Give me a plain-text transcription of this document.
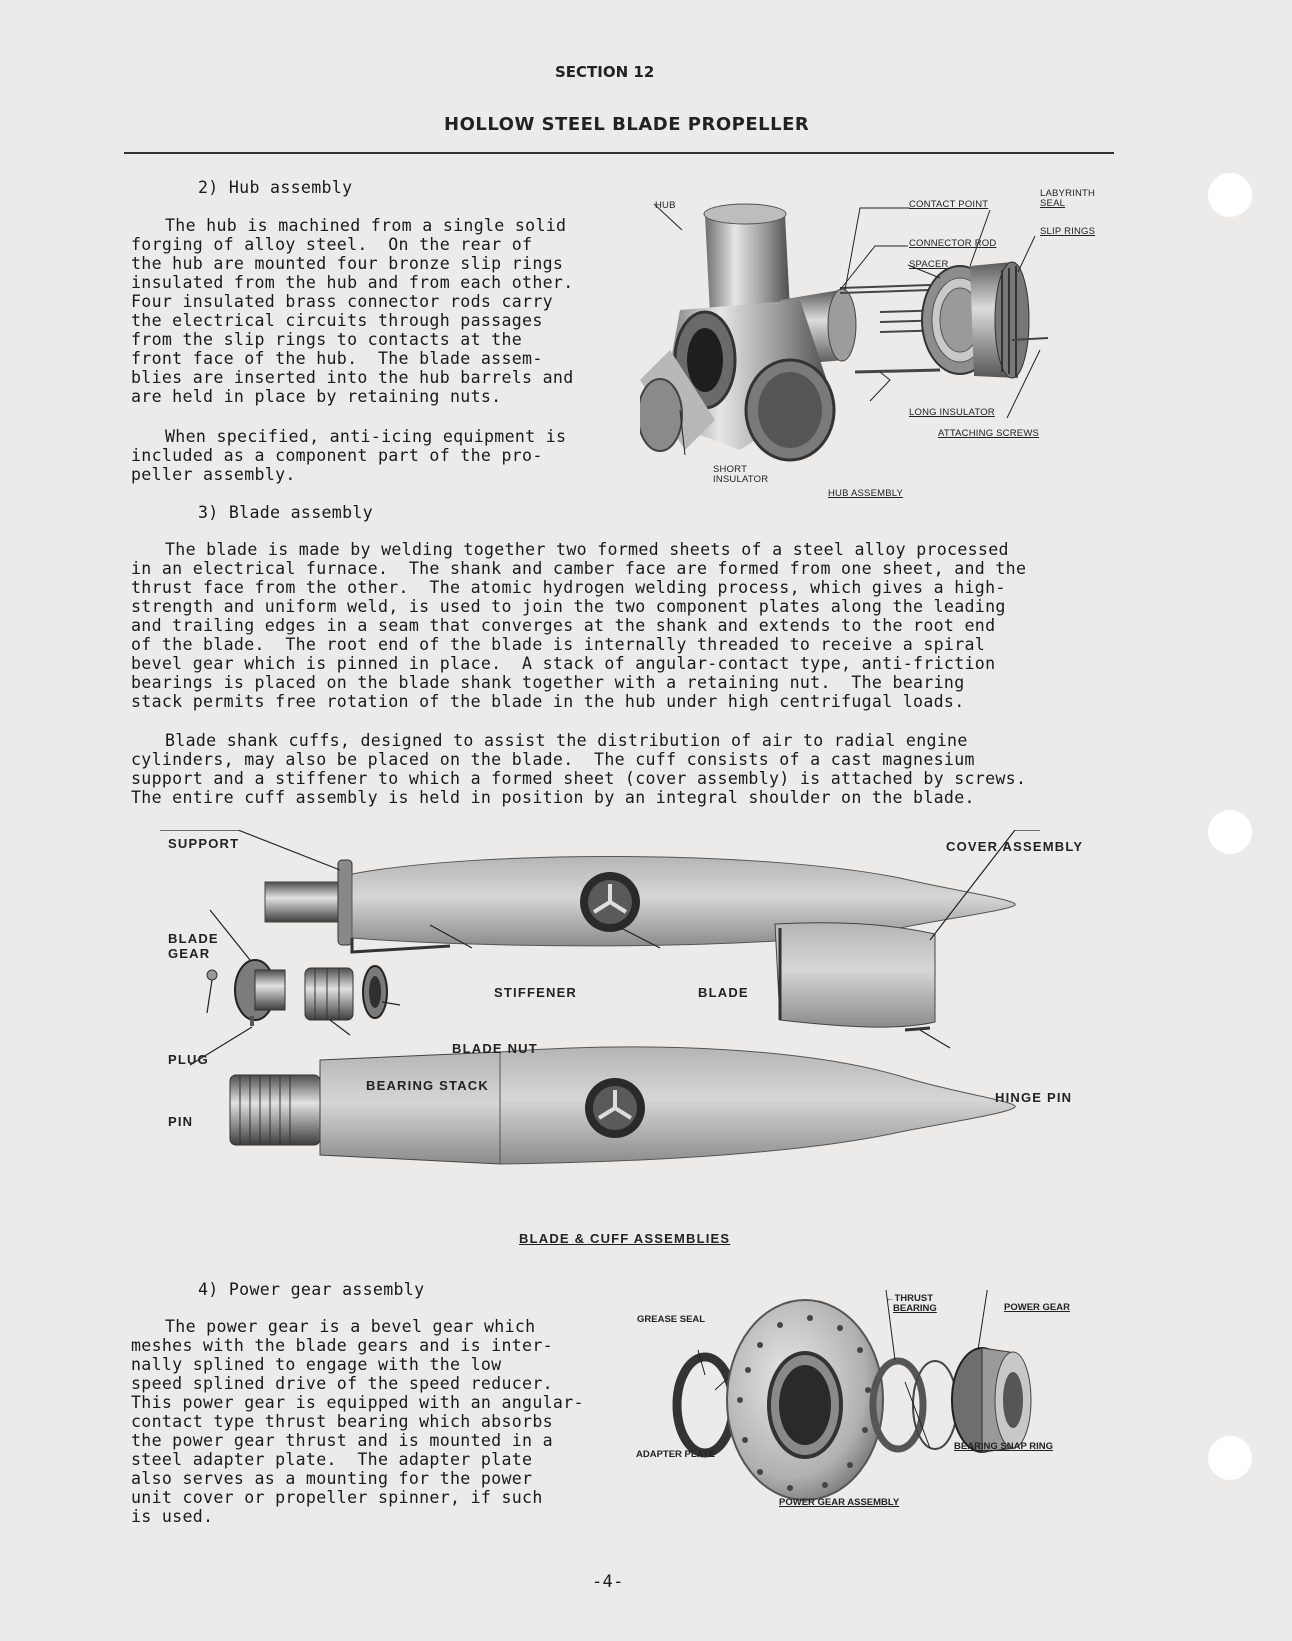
SECTION 12
HOLLOW STEEL BLADE PROPELLER
2) Hub assembly
The hub is machined from a single solid
forging of alloy steel.  On the rear of
the hub are mounted four bronze slip rings
insulated from the hub and from each other.
Four insulated brass connector rods carry
the electrical circuits through passages
from the slip rings to contacts at the
front face of the hub.  The blade assem-
blies are inserted into the hub barrels and
are held in place by retaining nuts.
When specified, anti-icing equipment is
included as a component part of the pro-
peller assembly.
HUB	CONTACT POINT
LABYRINTH
SEAL
SLIP RINGS
CONNECTOR ROD
SPACER
LONG INSULATOR
ATTACHING SCREWS
SHORT
INSULATOR
HUB ASSEMBLY
3) Blade assembly
The blade is made by welding together two formed sheets of a steel alloy processed
in an electrical furnace.  The shank and camber face are formed from one sheet, and the
thrust face from the other.  The atomic hydrogen welding process, which gives a high-
strength and uniform weld, is used to join the two component plates along the leading
and trailing edges in a seam that converges at the shank and extends to the root end
of the blade.  The root end of the blade is internally threaded to receive a spiral
bevel gear which is pinned in place.  A stack of angular-contact type, anti-friction
bearings is placed on the blade shank together with a retaining nut.  The bearing
stack permits free rotation of the blade in the hub under high centrifugal loads.
Blade shank cuffs, designed to assist the distribution of air to radial engine
cylinders, may also be placed on the blade.  The cuff consists of a cast magnesium
support and a stiffener to which a formed sheet (cover assembly) is attached by screws.
The entire cuff assembly is held in position by an integral shoulder on the blade.
SUPPORT	COVER ASSEMBLY
BLADE
GEAR
STIFFENER	BLADE
PLUG
BLADE NUT
BEARING STACK
HINGE PIN
PIN
BLADE & CUFF ASSEMBLIES
4) Power gear assembly
The power gear is a bevel gear which
meshes with the blade gears and is inter-
nally splined to engage with the low
speed splined drive of the speed reducer.
This power gear is equipped with an angular-
contact type thrust bearing which absorbs
the power gear thrust and is mounted in a
steel adapter plate.  The adapter plate
also serves as a mounting for the power
unit cover or propeller spinner, if such
is used.
GREASE SEAL
←THRUST
BEARING	POWER GEAR
ADAPTER PLATE
BEARING SNAP RING
POWER GEAR ASSEMBLY
-4-
